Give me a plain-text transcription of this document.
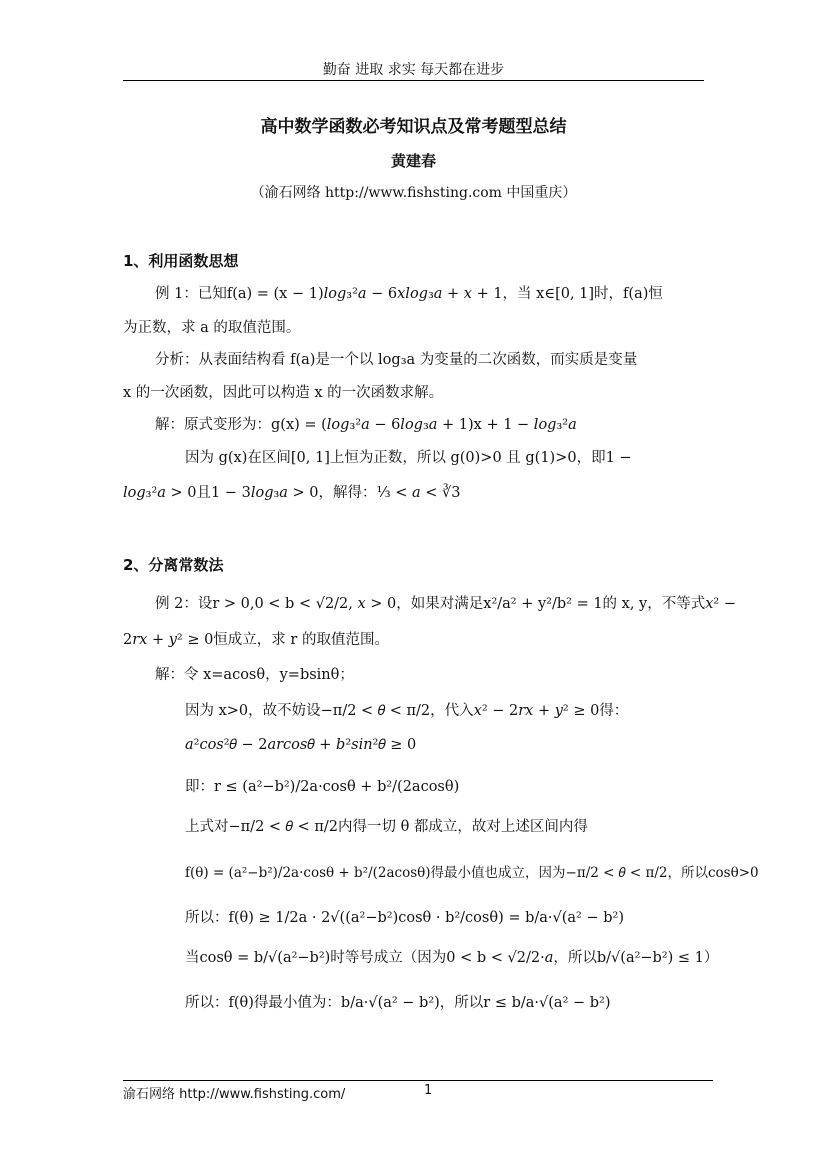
勤奋 进取 求实 每天都在进步
高中数学函数必考知识点及常考题型总结
黄建春
（渝石网络 http://www.fishsting.com 中国重庆）
1、利用函数思想
例 1：已知f(a) = (x − 1)𝑙𝑜𝑔₃²𝑎 − 6𝑥𝑙𝑜𝑔₃𝑎 + 𝑥 + 1，当 x∈[0, 1]时，f(a)恒
为正数，求 a 的取值范围。
分析：从表面结构看 f(a)是一个以 log₃a 为变量的二次函数，而实质是变量
x 的一次函数，因此可以构造 x 的一次函数求解。
解：原式变形为：g(x) = (𝑙𝑜𝑔₃²𝑎 − 6𝑙𝑜𝑔₃𝑎 + 1)x + 1 − 𝑙𝑜𝑔₃²𝑎
因为 g(x)在区间[0, 1]上恒为正数，所以 g(0)>0 且 g(1)>0，即1 −
𝑙𝑜𝑔₃²𝑎 > 0且1 − 3𝑙𝑜𝑔₃𝑎 > 0，解得：⅓ < 𝑎 < ∛3
2、分离常数法
例 2：设r > 0,0 < b < √2/2, 𝑥 > 0，如果对满足x²/a² + y²/b² = 1的 x, y，不等式𝑥² −
2𝑟𝑥 + 𝑦² ≥ 0恒成立，求 r 的取值范围。
解：令 x=acosθ，y=bsinθ；
因为 x>0，故不妨设−π/2 < 𝜃 < π/2，代入𝑥² − 2𝑟𝑥 + 𝑦² ≥ 0得：
𝑎²𝑐𝑜𝑠²𝜃 − 2𝑎𝑟𝑐𝑜𝑠𝜃 + 𝑏²𝑠𝑖𝑛²𝜃 ≥ 0
即：r ≤ (a²−b²)/2a·cosθ + b²/(2acosθ)
上式对−π/2 < 𝜃 < π/2内得一切 θ 都成立，故对上述区间内得
f(θ) = (a²−b²)/2a·cosθ + b²/(2acosθ)得最小值也成立，因为−π/2 < 𝜃 < π/2，所以cosθ>0
所以：f(θ) ≥ 1/2a · 2√((a²−b²)cosθ · b²/cosθ) = b/a·√(a² − b²)
当cosθ = b/√(a²−b²)时等号成立（因为0 < b < √2/2·𝑎，所以b/√(a²−b²) ≤ 1）
所以：f(θ)得最小值为：b/a·√(a² − b²)，所以r ≤ b/a·√(a² − b²)
渝石网络 http://www.fishsting.com/	1
